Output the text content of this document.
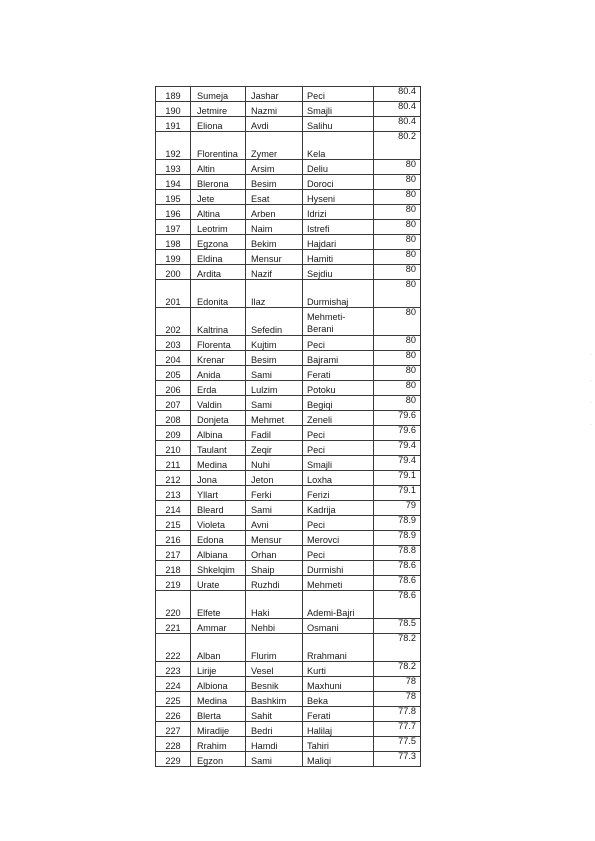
189	Sumeja	Jashar	Peci	80.4
190	Jetmire	Nazmi	Smajli	80.4
191	Eliona	Avdi	Salihu	80.4
192	Florentina	Zymer	Kela	80.2
193	Altin	Arsim	Deliu	80
194	Blerona	Besim	Doroci	80
195	Jete	Esat	Hyseni	80
196	Altina	Arben	Idrizi	80
197	Leotrim	Naim	Istrefi	80
198	Egzona	Bekim	Hajdari	80
199	Eldina	Mensur	Hamiti	80
200	Ardita	Nazif	Sejdiu	80
201	Edonita	Ilaz	Durmishaj	80
202	Kaltrina	Sefedin	Mehmeti-Berani	80
203	Florenta	Kujtim	Peci	80
204	Krenar	Besim	Bajrami	80
205	Anida	Sami	Ferati	80
206	Erda	Lulzim	Potoku	80
207	Valdin	Sami	Begiqi	80
208	Donjeta	Mehmet	Zeneli	79.6
209	Albina	Fadil	Peci	79.6
210	Taulant	Zeqir	Peci	79.4
211	Medina	Nuhi	Smajli	79.4
212	Jona	Jeton	Loxha	79.1
213	Yllart	Ferki	Ferizi	79.1
214	Bleard	Sami	Kadrija	79
215	Violeta	Avni	Peci	78.9
216	Edona	Mensur	Merovci	78.9
217	Albiana	Orhan	Peci	78.8
218	Shkelqim	Shaip	Durmishi	78.6
219	Urate	Ruzhdi	Mehmeti	78.6
220	Elfete	Haki	Ademi-Bajri	78.6
221	Ammar	Nehbi	Osmani	78.5
222	Alban	Flurim	Rrahmani	78.2
223	Lirije	Vesel	Kurti	78.2
224	Albiona	Besnik	Maxhuni	78
225	Medina	Bashkim	Beka	78
226	Blerta	Sahit	Ferati	77.8
227	Miradije	Bedri	Halilaj	77.7
228	Rrahim	Hamdi	Tahiri	77.5
229	Egzon	Sami	Maliqi	77.3
·
·
·
·
